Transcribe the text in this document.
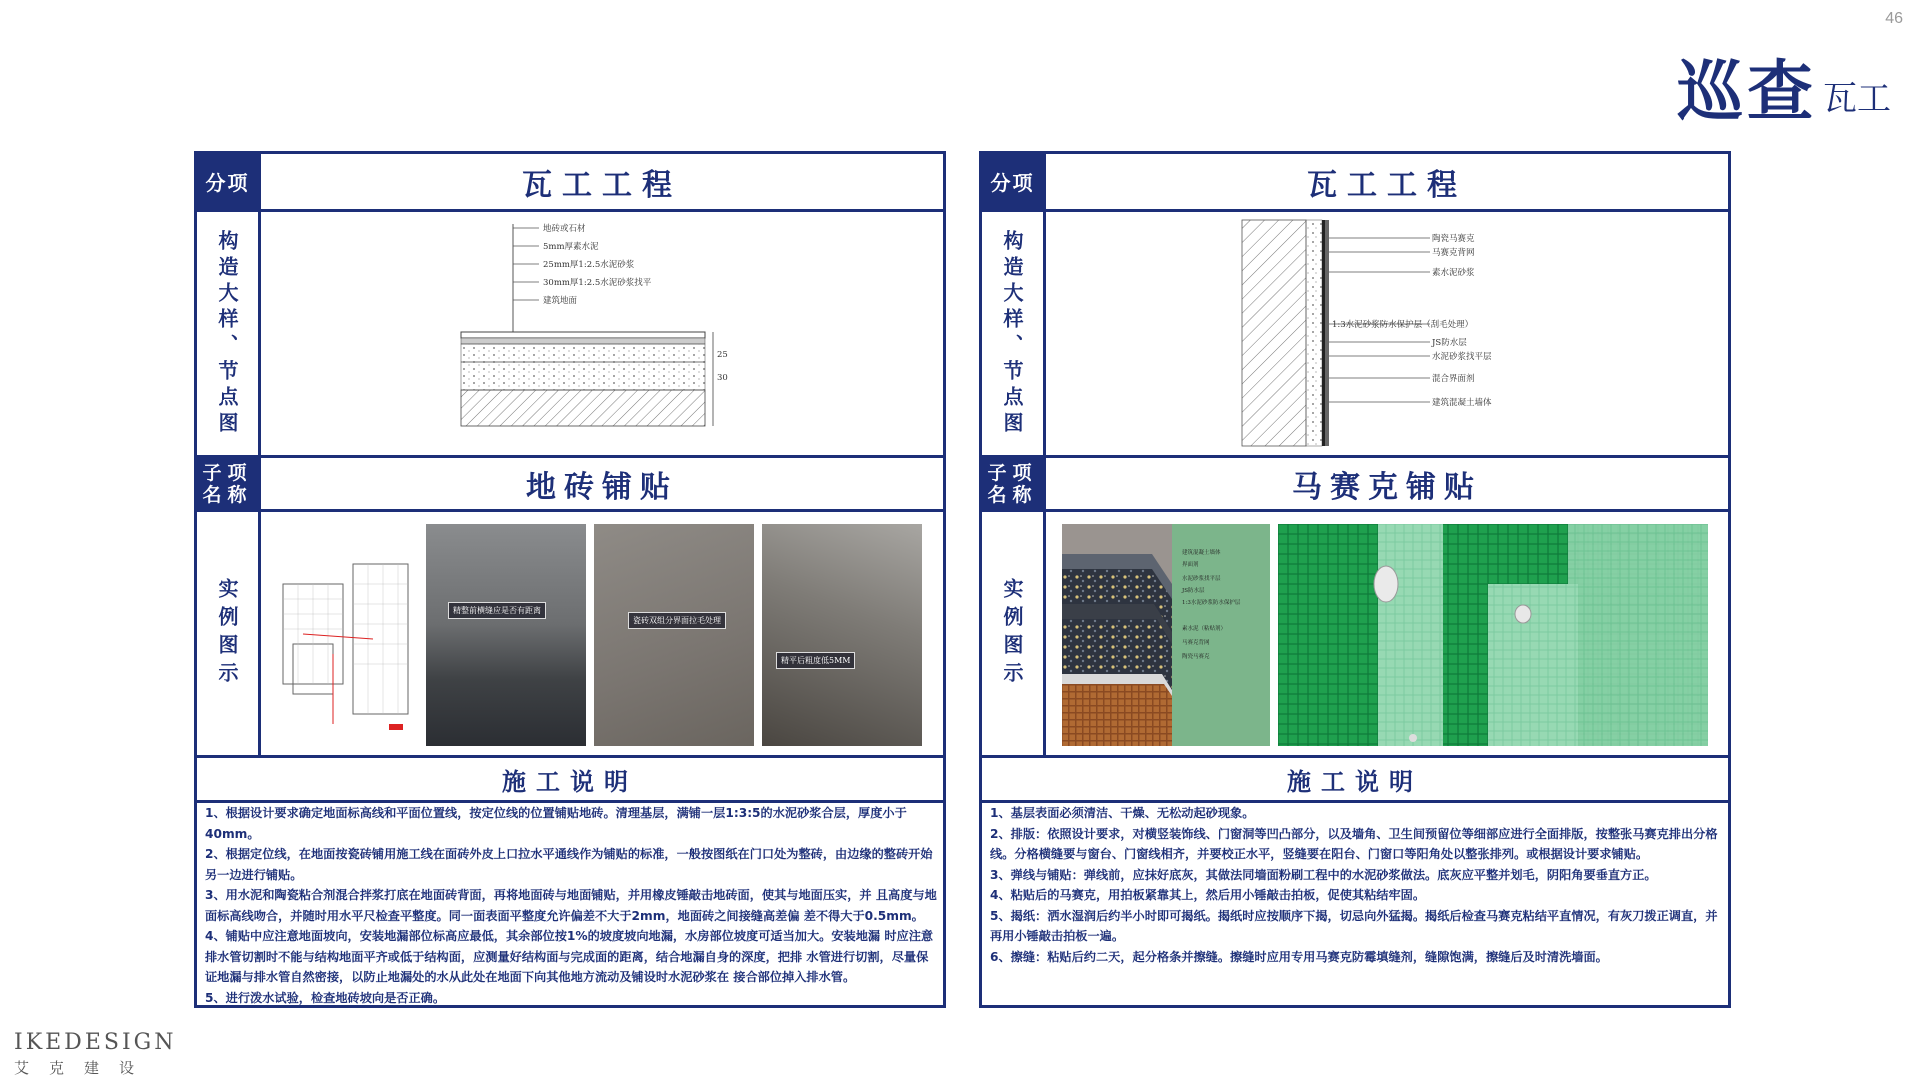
46
巡查 瓦工
分项	瓦工工程
构造大样、节点图
地砖或石材
5mm厚素水泥
25mm厚1:2.5水泥砂浆
30mm厚1:2.5水泥砂浆找平
建筑地面
25
30
子项名称	地砖铺贴
实例图示	精整前横缝应是否有距离
瓷砖双组分界面拉毛处理
精平后粗度低5MM
施工说明

1、根据设计要求确定地面标高线和平面位置线，按定位线的位置铺贴地砖。清理基层，满铺一层1:3:5的水泥砂浆合层，厚度小于40mm。

2、根据定位线，在地面按瓷砖铺用施工线在面砖外皮上口拉水平通线作为铺贴的标准，一般按图纸在门口处为整砖，由边缘的整砖开始另一边进行铺贴。

3、用水泥和陶瓷粘合剂混合拌浆打底在地面砖背面，再将地面砖与地面铺贴，并用橡皮锤敲击地砖面，使其与地面压实，并 且高度与地面标高线吻合，并随时用水平尺检查平整度。同一面表面平整度允许偏差不大于2mm，地面砖之间接缝高差偏 差不得大于0.5mm。

4、铺贴中应注意地面坡向，安装地漏部位标高应最低，其余部位按1%的坡度坡向地漏，水房部位坡度可适当加大。安装地漏 时应注意排水管切割时不能与结构地面平齐或低于结构面，应测量好结构面与完成面的距离，结合地漏自身的深度，把排 水管进行切割，尽量保证地漏与排水管自然密接，以防止地漏处的水从此处在地面下向其他地方流动及铺设时水泥砂浆在 接合部位掉入排水管。

5、进行泼水试验，检查地砖坡向是否正确。

分项	瓦工工程
构造大样、节点图	陶瓷马赛克
马赛克背网
素水泥砂浆
1:3水泥砂浆防水保护层（刮毛处理）
JS防水层
水泥砂浆找平层
混合界面剂
建筑混凝土墙体
子项名称	马赛克铺贴
实例图示
建筑混凝土墙体
界面剂
水泥砂浆找平层
JS防水层
1:3水泥砂浆防水保护层
素水泥（粘贴剂）
马赛克背网
陶瓷马赛克
施工说明

1、基层表面必须清洁、干燥、无松动起砂现象。

2、排版：依照设计要求，对横竖装饰线、门窗洞等凹凸部分，以及墙角、卫生间预留位等细部应进行全面排版，按整张马赛克排出分格线。分格横缝要与窗台、门窗线相齐，并要校正水平，竖缝要在阳台、门窗口等阳角处以整张排列。或根据设计要求铺贴。

3、弹线与铺贴：弹线前，应抹好底灰，其做法同墙面粉刷工程中的水泥砂浆做法。底灰应平整并划毛，阴阳角要垂直方正。

4、粘贴后的马赛克，用拍板紧靠其上，然后用小锤敲击拍板，促使其粘结牢固。

5、揭纸：洒水湿润后约半小时即可揭纸。揭纸时应按顺序下揭，切忌向外猛揭。揭纸后检查马赛克粘结平直情况，有灰刀拨正调直，并再用小锤敲击拍板一遍。

6、擦缝：粘贴后约二天，起分格条并擦缝。擦缝时应用专用马赛克防霉填缝剂，缝隙饱满，擦缝后及时清洗墙面。

IKEDESIGN
艾克建设
